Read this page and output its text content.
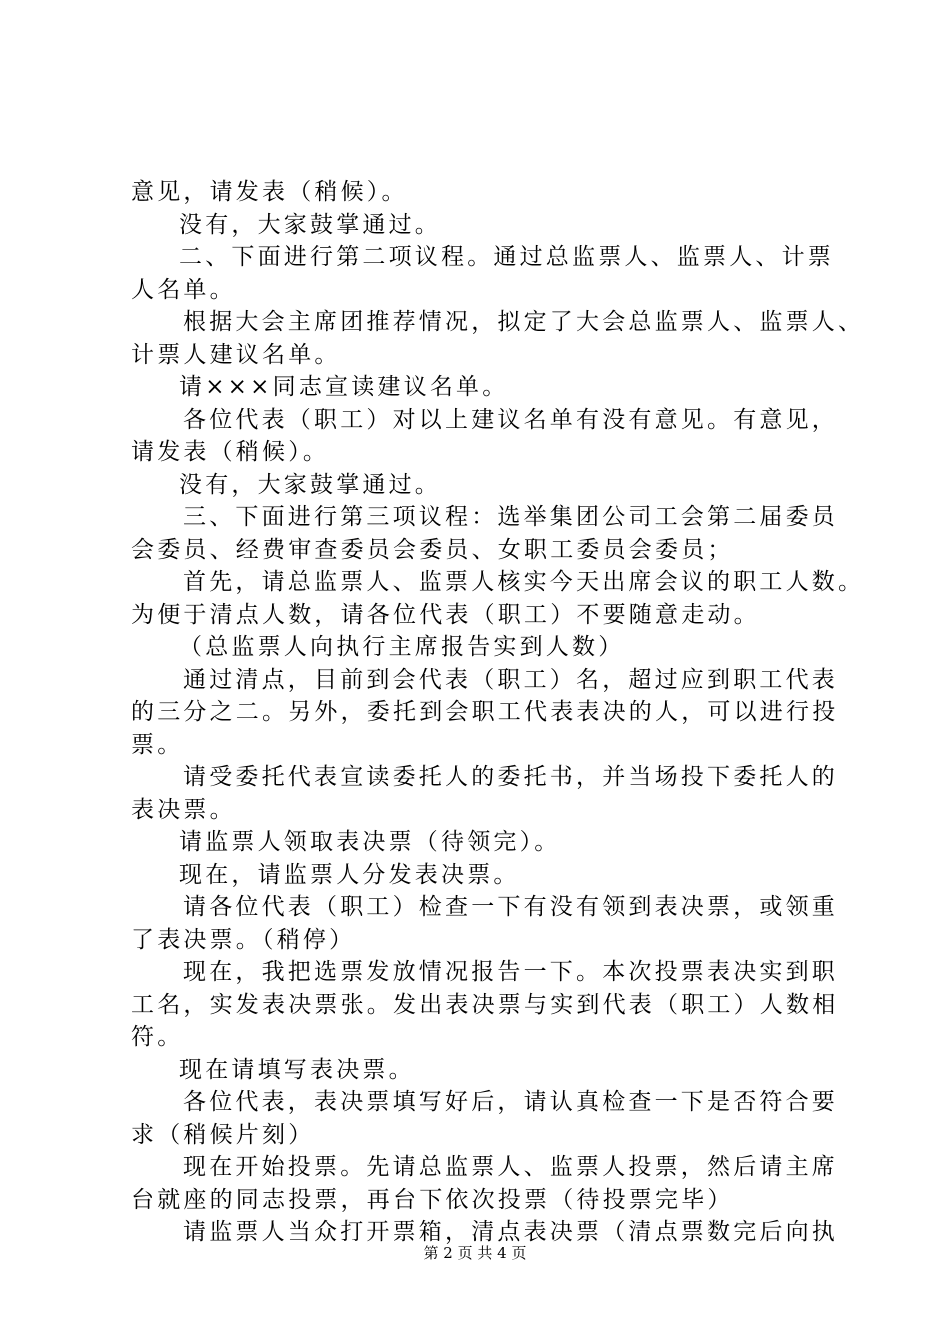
意见，请发表（稍候）。
没有，大家鼓掌通过。
二、下面进行第二项议程。通过总监票人、监票人、计票
人名单。
根据大会主席团推荐情况，拟定了大会总监票人、监票人、
计票人建议名单。
请×××同志宣读建议名单。
各位代表（职工）对以上建议名单有没有意见。有意见，
请发表（稍候）。
没有，大家鼓掌通过。
三、下面进行第三项议程：选举集团公司工会第二届委员
会委员、经费审查委员会委员、女职工委员会委员；
首先，请总监票人、监票人核实今天出席会议的职工人数。
为便于清点人数，请各位代表（职工）不要随意走动。
（总监票人向执行主席报告实到人数）
通过清点，目前到会代表（职工）名，超过应到职工代表
的三分之二。另外，委托到会职工代表表决的人，可以进行投
票。
请受委托代表宣读委托人的委托书，并当场投下委托人的
表决票。
请监票人领取表决票（待领完）。
现在，请监票人分发表决票。
请各位代表（职工）检查一下有没有领到表决票，或领重
了表决票。（稍停）
现在，我把选票发放情况报告一下。本次投票表决实到职
工名，实发表决票张。发出表决票与实到代表（职工）人数相
符。
现在请填写表决票。
各位代表，表决票填写好后，请认真检查一下是否符合要
求（稍候片刻）
现在开始投票。先请总监票人、监票人投票，然后请主席
台就座的同志投票，再台下依次投票（待投票完毕）
请监票人当众打开票箱，清点表决票（清点票数完后向执
第 2 页 共 4 页
